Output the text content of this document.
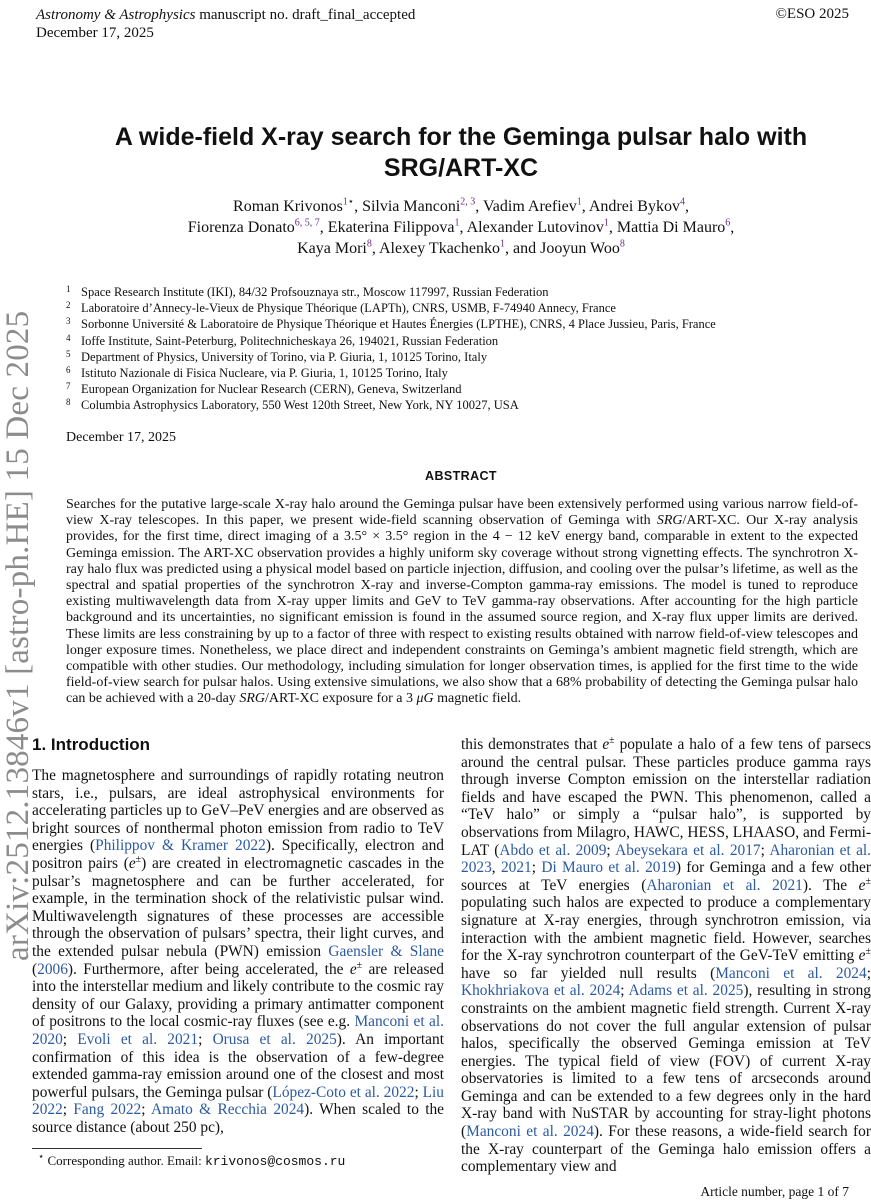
Astronomy & Astrophysics manuscript no. draft_final_accepted
December 17, 2025
©ESO 2025
arXiv:2512.13846v1 [astro-ph.HE] 15 Dec 2025
A wide-field X-ray search for the Geminga pulsar halo with SRG/ART-XC
Roman Krivonos$^{1⋆}$, Silvia Manconi$^{2, 3}$, Vadim Arefiev$^1$, Andrei Bykov$^4$,
Fiorenza Donato$^{6, 5, 7}$, Ekaterina Filippova$^1$, Alexander Lutovinov$^1$, Mattia Di Mauro$^6$,
Kaya Mori$^8$, Alexey Tkachenko$^1$, and Jooyun Woo$^8$
1 Space Research Institute (IKI), 84/32 Profsouznaya str., Moscow 117997, Russian Federation
2 Laboratoire d’Annecy-le-Vieux de Physique Théorique (LAPTh), CNRS, USMB, F-74940 Annecy, France
3 Sorbonne Université & Laboratoire de Physique Théorique et Hautes Énergies (LPTHE), CNRS, 4 Place Jussieu, Paris, France
4 Ioffe Institute, Saint-Peterburg, Politechnicheskaya 26, 194021, Russian Federation
5 Department of Physics, University of Torino, via P. Giuria, 1, 10125 Torino, Italy
6 Istituto Nazionale di Fisica Nucleare, via P. Giuria, 1, 10125 Torino, Italy
7 European Organization for Nuclear Research (CERN), Geneva, Switzerland
8 Columbia Astrophysics Laboratory, 550 West 120th Street, New York, NY 10027, USA
December 17, 2025
ABSTRACT
Searches for the putative large-scale X-ray halo around the Geminga pulsar have been extensively performed using various narrow field-of-view X-ray telescopes. In this paper, we present wide-field scanning observation of Geminga with SRG/ART-XC. Our X-ray analysis provides, for the first time, direct imaging of a 3.5° × 3.5° region in the 4 − 12 keV energy band, comparable in extent to the expected Geminga emission. The ART-XC observation provides a highly uniform sky coverage without strong vignetting effects. The synchrotron X-ray halo flux was predicted using a physical model based on particle injection, diffusion, and cooling over the pulsar’s lifetime, as well as the spectral and spatial properties of the synchrotron X-ray and inverse-Compton gamma-ray emissions. The model is tuned to reproduce existing multiwavelength data from X-ray upper limits and GeV to TeV gamma-ray observations. After accounting for the high particle background and its uncertainties, no significant emission is found in the assumed source region, and X-ray flux upper limits are derived. These limits are less constraining by up to a factor of three with respect to existing results obtained with narrow field-of-view telescopes and longer exposure times. Nonetheless, we place direct and independent constraints on Geminga’s ambient magnetic field strength, which are compatible with other studies. Our methodology, including simulation for longer observation times, is applied for the first time to the wide field-of-view search for pulsar halos. Using extensive simulations, we also show that a 68% probability of detecting the Geminga pulsar halo can be achieved with a 20-day SRG/ART-XC exposure for a 3 μG magnetic field.
1. Introduction

The magnetosphere and surroundings of rapidly rotating neutron stars, i.e., pulsars, are ideal astrophysical environments for accelerating particles up to GeV–PeV energies and are observed as bright sources of nonthermal photon emission from radio to TeV energies (Philippov & Kramer 2022). Specifically, electron and positron pairs (e±) are created in electromagnetic cascades in the pulsar’s magnetosphere and can be further accelerated, for example, in the termination shock of the relativistic pulsar wind. Multiwavelength signatures of these processes are accessible through the observation of pulsars’ spectra, their light curves, and the extended pulsar nebula (PWN) emission Gaensler & Slane (2006). Furthermore, after being accelerated, the e± are released into the interstellar medium and likely contribute to the cosmic ray density of our Galaxy, providing a primary antimatter component of positrons to the local cosmic-ray fluxes (see e.g. Manconi et al. 2020; Evoli et al. 2021; Orusa et al. 2025). An important confirmation of this idea is the observation of a few-degree extended gamma-ray emission around one of the closest and most powerful pulsars, the Geminga pulsar (López-Coto et al. 2022; Liu 2022; Fang 2022; Amato & Recchia 2024). When scaled to the source distance (about 250 pc),

this demonstrates that e± populate a halo of a few tens of parsecs around the central pulsar. These particles produce gamma rays through inverse Compton emission on the interstellar radiation fields and have escaped the PWN. This phenomenon, called a “TeV halo” or simply a “pulsar halo”, is supported by observations from Milagro, HAWC, HESS, LHAASO, and Fermi-LAT (Abdo et al. 2009; Abeysekara et al. 2017; Aharonian et al. 2023, 2021; Di Mauro et al. 2019) for Geminga and a few other sources at TeV energies (Aharonian et al. 2021). The e± populating such halos are expected to produce a complementary signature at X-ray energies, through synchrotron emission, via interaction with the ambient magnetic field. However, searches for the X-ray synchrotron counterpart of the GeV-TeV emitting e± have so far yielded null results (Manconi et al. 2024; Khokhriakova et al. 2024; Adams et al. 2025), resulting in strong constraints on the ambient magnetic field strength. Current X-ray observations do not cover the full angular extension of pulsar halos, specifically the observed Geminga emission at TeV energies. The typical field of view (FOV) of current X-ray observatories is limited to a few tens of arcseconds around Geminga and can be extended to a few degrees only in the hard X-ray band with NuSTAR by accounting for stray-light photons (Manconi et al. 2024). For these reasons, a wide-field search for the X-ray counterpart of the Geminga halo emission offers a complementary view and

⋆ Corresponding author. Email: krivonos@cosmos.ru
Article number, page 1 of 7
